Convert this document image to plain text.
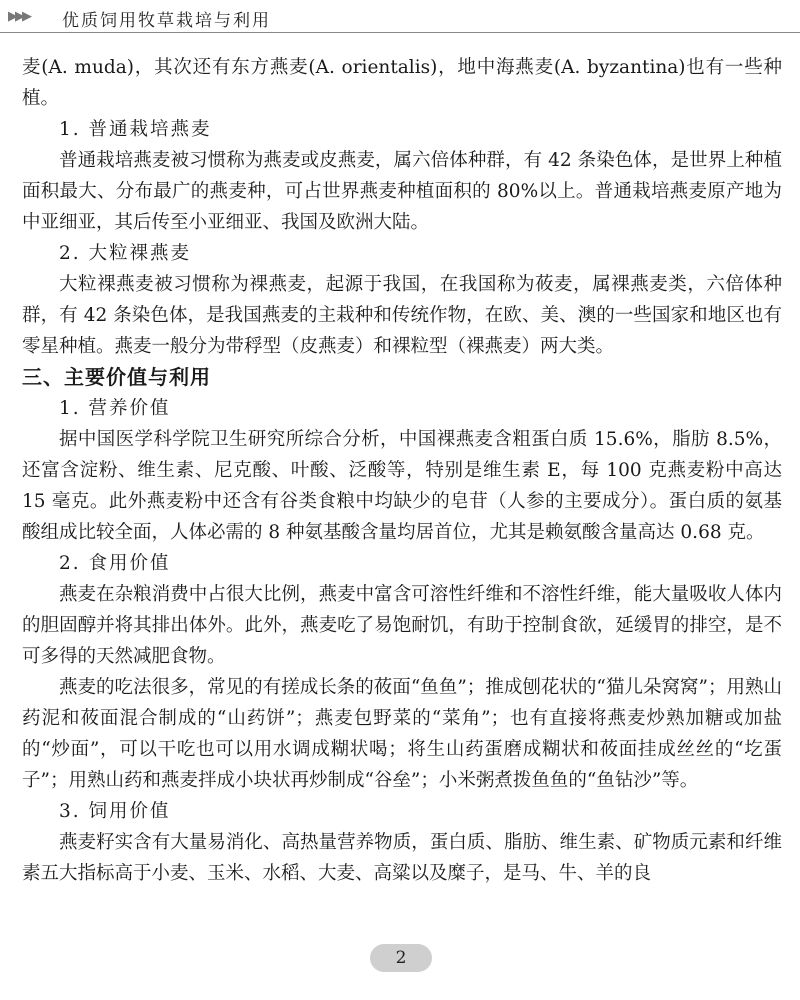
▶▶▶ 优质饲用牧草栽培与利用

麦(A. muda)，其次还有东方燕麦(A. orientalis)，地中海燕麦(A. byzantina)也有一些种植。

1. 普通栽培燕麦

普通栽培燕麦被习惯称为燕麦或皮燕麦，属六倍体种群，有 42 条染色体，是世界上种植面积最大、分布最广的燕麦种，可占世界燕麦种植面积的 80%以上。普通栽培燕麦原产地为中亚细亚，其后传至小亚细亚、我国及欧洲大陆。

2. 大粒裸燕麦

大粒裸燕麦被习惯称为裸燕麦，起源于我国，在我国称为莜麦，属裸燕麦类，六倍体种群，有 42 条染色体，是我国燕麦的主栽种和传统作物，在欧、美、澳的一些国家和地区也有零星种植。燕麦一般分为带稃型（皮燕麦）和裸粒型（裸燕麦）两大类。

三、主要价值与利用

1. 营养价值

据中国医学科学院卫生研究所综合分析，中国裸燕麦含粗蛋白质 15.6%，脂肪 8.5%，还富含淀粉、维生素、尼克酸、叶酸、泛酸等，特别是维生素 E，每 100 克燕麦粉中高达 15 毫克。此外燕麦粉中还含有谷类食粮中均缺少的皂苷（人参的主要成分）。蛋白质的氨基酸组成比较全面，人体必需的 8 种氨基酸含量均居首位，尤其是赖氨酸含量高达 0.68 克。

2. 食用价值

燕麦在杂粮消费中占很大比例，燕麦中富含可溶性纤维和不溶性纤维，能大量吸收人体内的胆固醇并将其排出体外。此外，燕麦吃了易饱耐饥，有助于控制食欲，延缓胃的排空，是不可多得的天然减肥食物。

燕麦的吃法很多，常见的有搓成长条的莜面“鱼鱼”；推成刨花状的“猫儿朵窝窝”；用熟山药泥和莜面混合制成的“山药饼”；燕麦包野菜的“菜角”；也有直接将燕麦炒熟加糖或加盐的“炒面”，可以干吃也可以用水调成糊状喝；将生山药蛋磨成糊状和莜面挂成丝丝的“圪蛋子”；用熟山药和燕麦拌成小块状再炒制成“谷垒”；小米粥煮拨鱼鱼的“鱼钻沙”等。

3. 饲用价值

燕麦籽实含有大量易消化、高热量营养物质，蛋白质、脂肪、维生素、矿物质元素和纤维素五大指标高于小麦、玉米、水稻、大麦、高粱以及糜子，是马、牛、羊的良

2
